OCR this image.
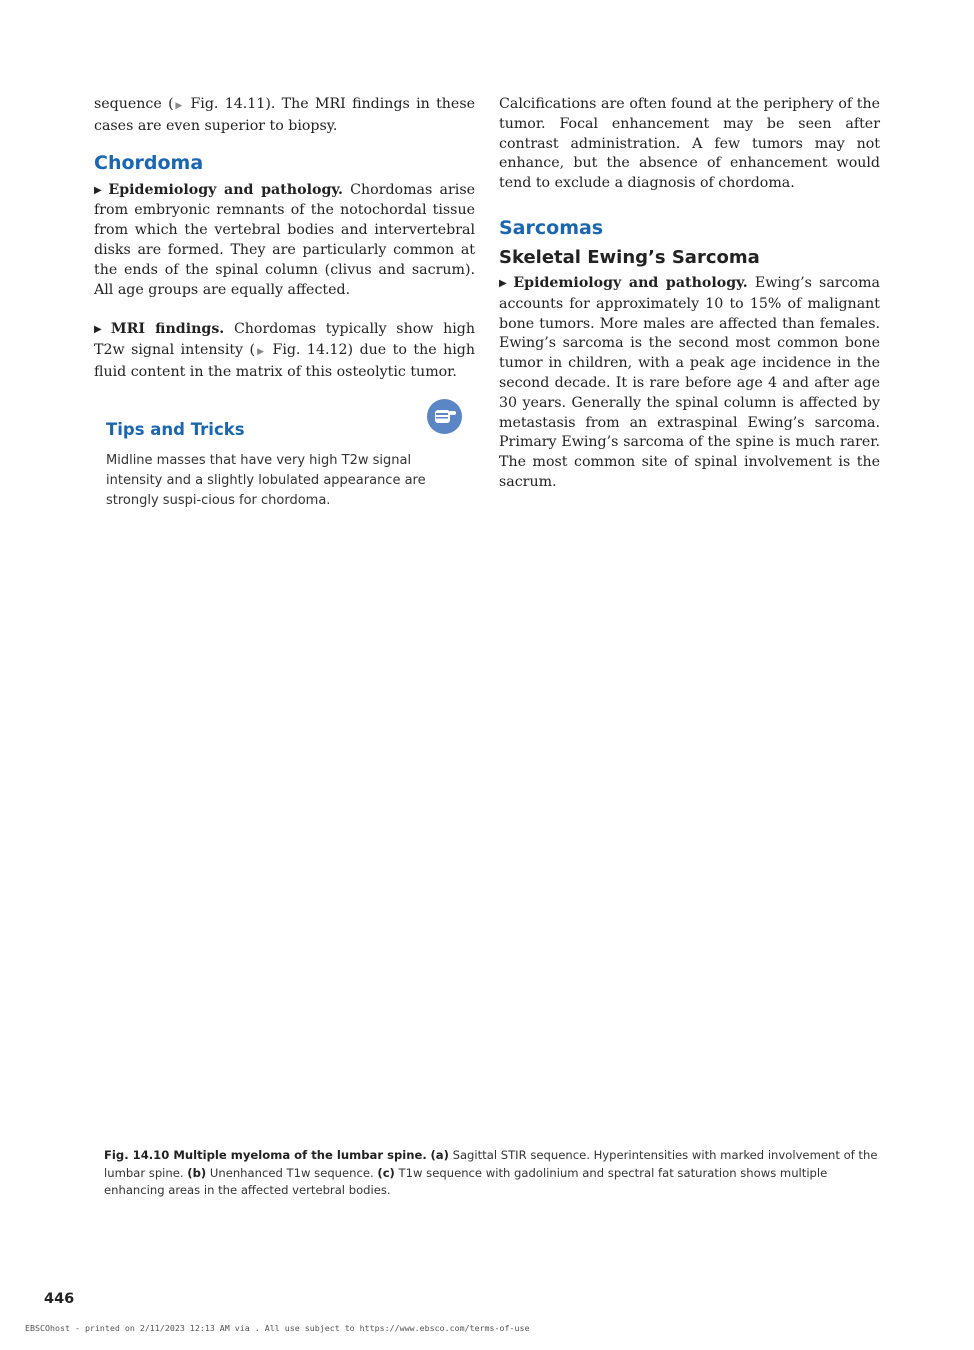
sequence (▶ Fig. 14.11). The MRI findings in these cases are even superior to biopsy.

Chordoma

▶ Epidemiology and pathology. Chordomas arise from embryonic remnants of the notochordal tissue from which the vertebral bodies and intervertebral disks are formed. They are particularly common at the ends of the spinal column (clivus and sacrum). All age groups are equally affected.

▶ MRI findings. Chordomas typically show high T2w signal intensity (▶ Fig. 14.12) due to the high fluid content in the matrix of this osteolytic tumor.

Tips and Tricks
Midline masses that have very high T2w signal intensity and a slightly lobulated appearance are strongly suspi-cious for chordoma.

Calcifications are often found at the periphery of the tumor. Focal enhancement may be seen after contrast administration. A few tumors may not enhance, but the absence of enhancement would tend to exclude a diagnosis of chordoma.

Sarcomas
Skeletal Ewing’s Sarcoma

▶ Epidemiology and pathology. Ewing’s sarcoma accounts for approximately 10 to 15% of malignant bone tumors. More males are affected than females. Ewing’s sarcoma is the second most common bone tumor in children, with a peak age incidence in the second decade. It is rare before age 4 and after age 30 years. Generally the spinal column is affected by metastasis from an extraspinal Ewing’s sarcoma. Primary Ewing’s sarcoma of the spine is much rarer. The most common site of spinal involvement is the sacrum.

Fig. 14.10 Multiple myeloma of the lumbar spine. (a) Sagittal STIR sequence. Hyperintensities with marked involvement of the lumbar spine. (b) Unenhanced T1w sequence. (c) T1w sequence with gadolinium and spectral fat saturation shows multiple enhancing areas in the affected vertebral bodies.
446
EBSCOhost - printed on 2/11/2023 12:13 AM via . All use subject to https://www.ebsco.com/terms-of-use
